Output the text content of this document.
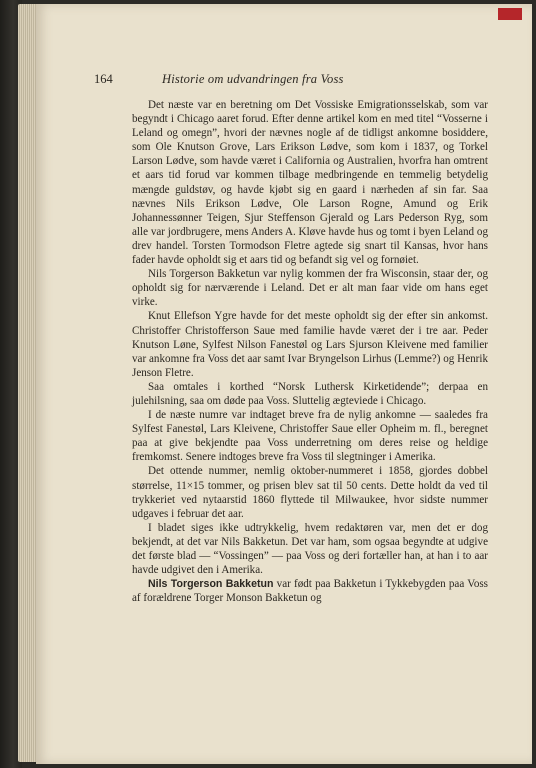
164	Historie om udvandringen fra Voss

Det næste var en beretning om Det Vossiske Emigrationsselskab, som var begyndt i Chicago aaret forud. Efter denne artikel kom en med titel “Vosserne i Leland og omegn”, hvori der nævnes nogle af de tidligst ankomne bosiddere, som Ole Knutson Grove, Lars Erikson Lødve, som kom i 1837, og Torkel Larson Lødve, som havde været i California og Australien, hvorfra han omtrent et aars tid forud var kommen tilbage medbringende en temmelig betydelig mængde guldstøv, og havde kjøbt sig en gaard i nærheden af sin far. Saa nævnes Nils Erikson Lødve, Ole Larson Rogne, Amund og Erik Johannessønner Teigen, Sjur Steffenson Gjerald og Lars Pederson Ryg, som alle var jordbrugere, mens Anders A. Kløve havde hus og tomt i byen Leland og drev handel. Torsten Tormodson Fletre agtede sig snart til Kansas, hvor hans fader havde opholdt sig et aars tid og befandt sig vel og fornøiet.

Nils Torgerson Bakketun var nylig kommen der fra Wisconsin, staar der, og opholdt sig for nærværende i Leland. Det er alt man faar vide om hans eget virke.

Knut Ellefson Ygre havde for det meste opholdt sig der efter sin ankomst. Christoffer Christofferson Saue med familie havde været der i tre aar. Peder Knutson Løne, Sylfest Nilson Fanestøl og Lars Sjurson Kleivene med familier var ankomne fra Voss det aar samt Ivar Bryngelson Lirhus (Lemme?) og Henrik Jenson Fletre.

Saa omtales i korthed “Norsk Luthersk Kirketidende”; derpaa en julehilsning, saa om døde paa Voss. Sluttelig ægteviede i Chicago.

I de næste numre var indtaget breve fra de nylig ankomne — saaledes fra Sylfest Fanestøl, Lars Kleivene, Christoffer Saue eller Opheim m. fl., beregnet paa at give bekjendte paa Voss underretning om deres reise og heldige fremkomst. Senere indtoges breve fra Voss til slegtninger i Amerika.

Det ottende nummer, nemlig oktober-nummeret i 1858, gjordes dobbel størrelse, 11×15 tommer, og prisen blev sat til 50 cents. Dette holdt da ved til trykkeriet ved nytaarstid 1860 flyttede til Milwaukee, hvor sidste nummer udgaves i februar det aar.

I bladet siges ikke udtrykkelig, hvem redaktøren var, men det er dog bekjendt, at det var Nils Bakketun. Det var ham, som ogsaa begyndte at udgive det første blad — “Vossingen” — paa Voss og deri fortæller han, at han i to aar havde udgivet den i Amerika.

Nils Torgerson Bakketun var født paa Bakketun i Tykkebygden paa Voss af forældrene Torger Monson Bakketun og
